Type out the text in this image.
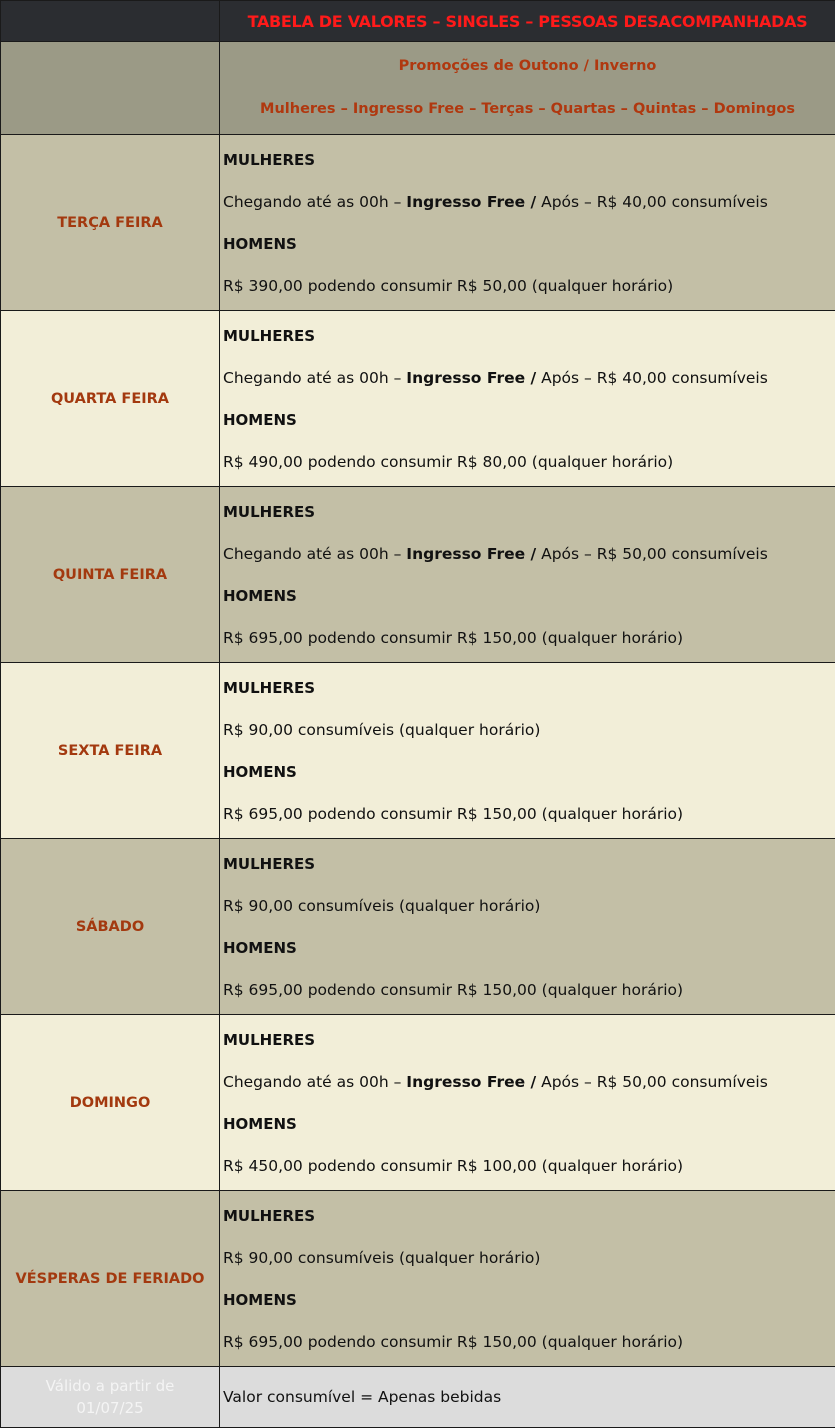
	TABELA DE VALORES – SINGLES – PESSOAS DESACOMPANHADAS

	Promoções de Outono / Inverno
Mulheres – Ingresso Free – Terças – Quartas – Quintas – Domingos

TERÇA FEIRA	MULHERES
Chegando até as 00h – Ingresso Free / Após – R$ 40,00 consumíveis
HOMENS
R$ 390,00 podendo consumir R$ 50,00 (qualquer horário)

QUARTA FEIRA	MULHERES
Chegando até as 00h – Ingresso Free / Após – R$ 40,00 consumíveis
HOMENS
R$ 490,00 podendo consumir R$ 80,00 (qualquer horário)

QUINTA FEIRA	MULHERES
Chegando até as 00h – Ingresso Free / Após – R$ 50,00 consumíveis
HOMENS
R$ 695,00 podendo consumir R$ 150,00 (qualquer horário)

SEXTA FEIRA	MULHERES
R$ 90,00 consumíveis (qualquer horário)
HOMENS
R$ 695,00 podendo consumir R$ 150,00 (qualquer horário)

SÁBADO	MULHERES
R$ 90,00 consumíveis (qualquer horário)
HOMENS
R$ 695,00 podendo consumir R$ 150,00 (qualquer horário)

DOMINGO	MULHERES
Chegando até as 00h – Ingresso Free / Após – R$ 50,00 consumíveis
HOMENS
R$ 450,00 podendo consumir R$ 100,00 (qualquer horário)

VÉSPERAS DE FERIADO	MULHERES
R$ 90,00 consumíveis (qualquer horário)
HOMENS
R$ 695,00 podendo consumir R$ 150,00 (qualquer horário)

Válido a partir de
01/07/25	Valor consumível = Apenas bebidas
